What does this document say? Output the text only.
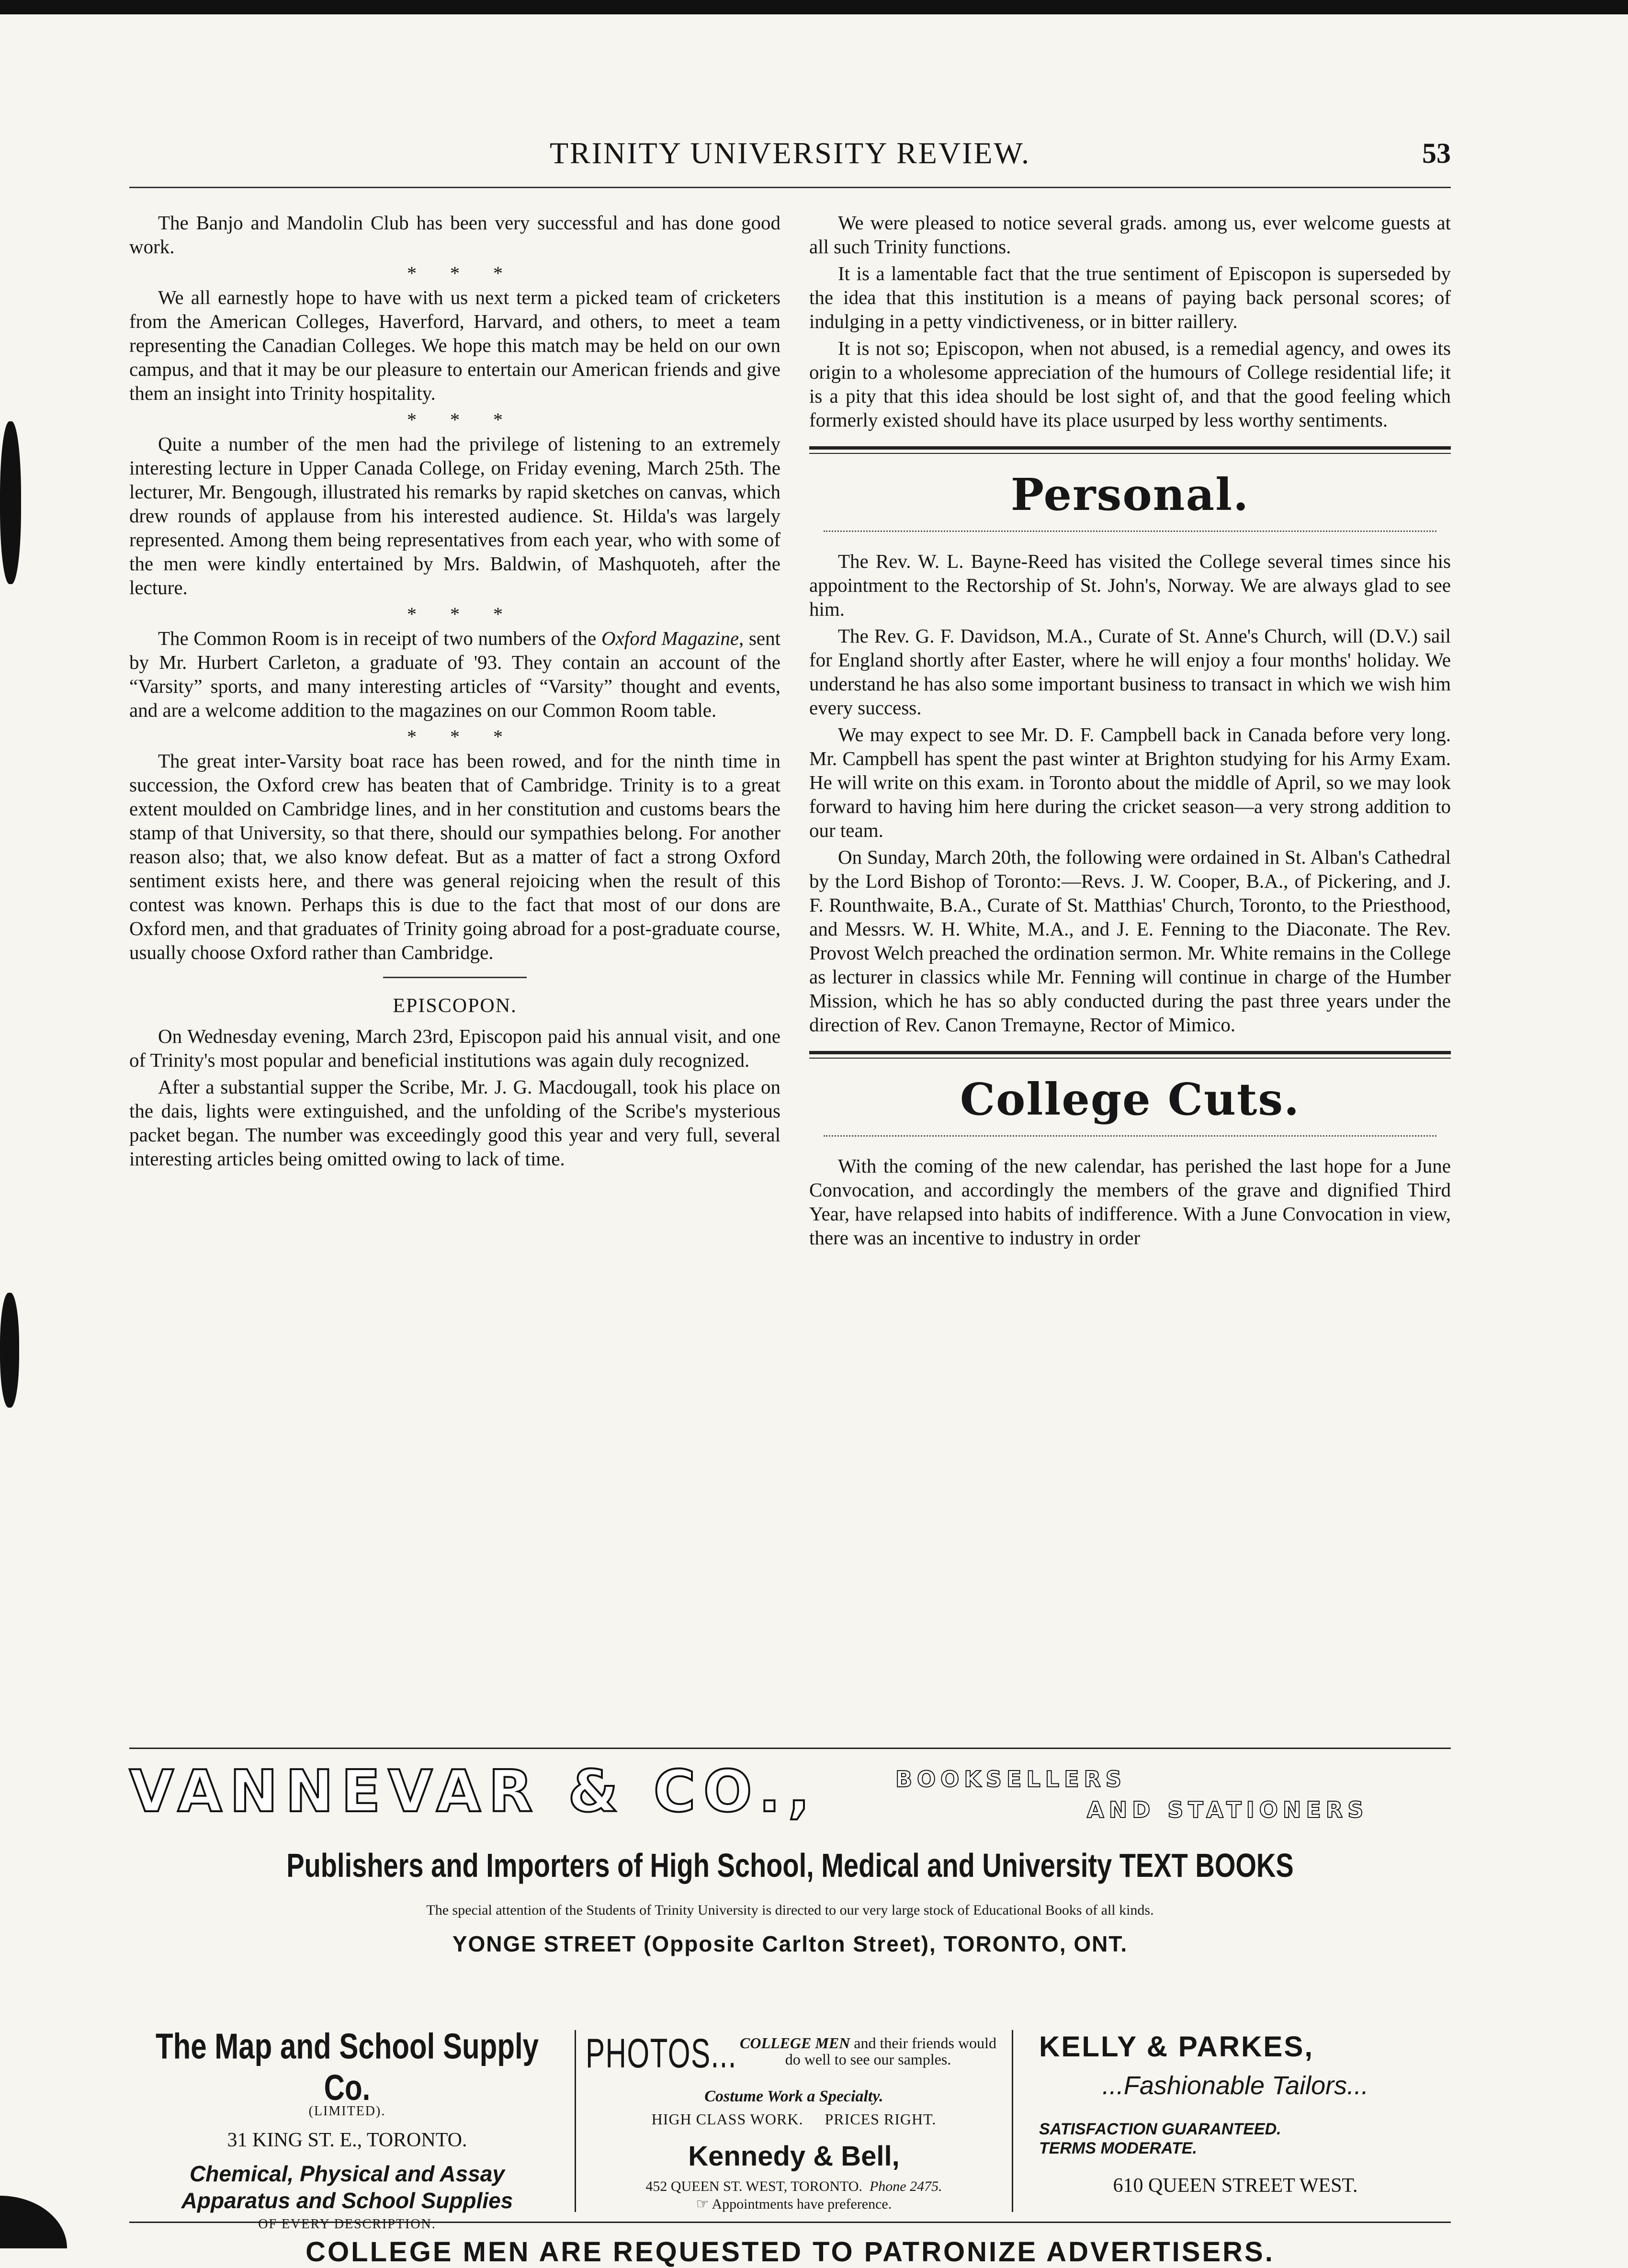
TRINITY UNIVERSITY REVIEW.	53

The Banjo and Mandolin Club has been very successful and has done good work.

***

We all earnestly hope to have with us next term a picked team of cricketers from the American Colleges, Haverford, Harvard, and others, to meet a team representing the Canadian Colleges. We hope this match may be held on our own campus, and that it may be our pleasure to entertain our American friends and give them an insight into Trinity hospitality.

***

Quite a number of the men had the privilege of listening to an extremely interesting lecture in Upper Canada College, on Friday evening, March 25th. The lecturer, Mr. Bengough, illustrated his remarks by rapid sketches on canvas, which drew rounds of applause from his interested audience. St. Hilda's was largely represented. Among them being representatives from each year, who with some of the men were kindly entertained by Mrs. Baldwin, of Mashquoteh, after the lecture.

***

The Common Room is in receipt of two numbers of the Oxford Magazine, sent by Mr. Hurbert Carleton, a graduate of '93. They contain an account of the “Varsity” sports, and many interesting articles of “Varsity” thought and events, and are a welcome addition to the magazines on our Common Room table.

***

The great inter-Varsity boat race has been rowed, and for the ninth time in succession, the Oxford crew has beaten that of Cambridge. Trinity is to a great extent moulded on Cambridge lines, and in her constitution and customs bears the stamp of that University, so that there, should our sympathies belong. For another reason also; that, we also know defeat. But as a matter of fact a strong Oxford sentiment exists here, and there was general rejoicing when the result of this contest was known. Perhaps this is due to the fact that most of our dons are Oxford men, and that graduates of Trinity going abroad for a post-graduate course, usually choose Oxford rather than Cambridge.

EPISCOPON.

On Wednesday evening, March 23rd, Episcopon paid his annual visit, and one of Trinity's most popular and beneficial institutions was again duly recognized.

After a substantial supper the Scribe, Mr. J. G. Macdougall, took his place on the dais, lights were extinguished, and the unfolding of the Scribe's mysterious packet began. The number was exceedingly good this year and very full, several interesting articles being omitted owing to lack of time.

We were pleased to notice several grads. among us, ever welcome guests at all such Trinity functions.

It is a lamentable fact that the true sentiment of Episcopon is superseded by the idea that this institution is a means of paying back personal scores; of indulging in a petty vindictiveness, or in bitter raillery.

It is not so; Episcopon, when not abused, is a remedial agency, and owes its origin to a wholesome appreciation of the humours of College residential life; it is a pity that this idea should be lost sight of, and that the good feeling which formerly existed should have its place usurped by less worthy sentiments.

Personal.

The Rev. W. L. Bayne-Reed has visited the College several times since his appointment to the Rectorship of St. John's, Norway. We are always glad to see him.

The Rev. G. F. Davidson, M.A., Curate of St. Anne's Church, will (D.V.) sail for England shortly after Easter, where he will enjoy a four months' holiday. We understand he has also some important business to transact in which we wish him every success.

We may expect to see Mr. D. F. Campbell back in Canada before very long. Mr. Campbell has spent the past winter at Brighton studying for his Army Exam. He will write on this exam. in Toronto about the middle of April, so we may look forward to having him here during the cricket season—a very strong addition to our team.

On Sunday, March 20th, the following were ordained in St. Alban's Cathedral by the Lord Bishop of Toronto:—Revs. J. W. Cooper, B.A., of Pickering, and J. F. Rounthwaite, B.A., Curate of St. Matthias' Church, Toronto, to the Priesthood, and Messrs. W. H. White, M.A., and J. E. Fenning to the Diaconate. The Rev. Provost Welch preached the ordination sermon. Mr. White remains in the College as lecturer in classics while Mr. Fenning will continue in charge of the Humber Mission, which he has so ably conducted during the past three years under the direction of Rev. Canon Tremayne, Rector of Mimico.

College Cuts.

With the coming of the new calendar, has perished the last hope for a June Convocation, and accordingly the members of the grave and dignified Third Year, have relapsed into habits of indifference. With a June Convocation in view, there was an incentive to industry in order

VANNEVAR & CO.,	BOOKSELLERS
AND STATIONERS
Publishers and Importers of High School, Medical and University TEXT BOOKS
The special attention of the Students of Trinity University is directed to our very large stock of Educational Books of all kinds.
YONGE STREET (Opposite Carlton Street), TORONTO, ONT.
The Map and School Supply Co.
(LIMITED).
31 KING ST. E., TORONTO.
Chemical, Physical and Assay
Apparatus and School Supplies
OF EVERY DESCRIPTION.
PHOTOS... COLLEGE MEN and their friends would do well to see our samples.
Costume Work a Specialty.
HIGH CLASS WORK. PRICES RIGHT.
Kennedy & Bell,
452 QUEEN ST. WEST, TORONTO. Phone 2475.
☞ Appointments have preference.
KELLY & PARKES,
...Fashionable Tailors...
SATISFACTION GUARANTEED.
TERMS MODERATE.
610 QUEEN STREET WEST.
COLLEGE MEN ARE REQUESTED TO PATRONIZE ADVERTISERS.
